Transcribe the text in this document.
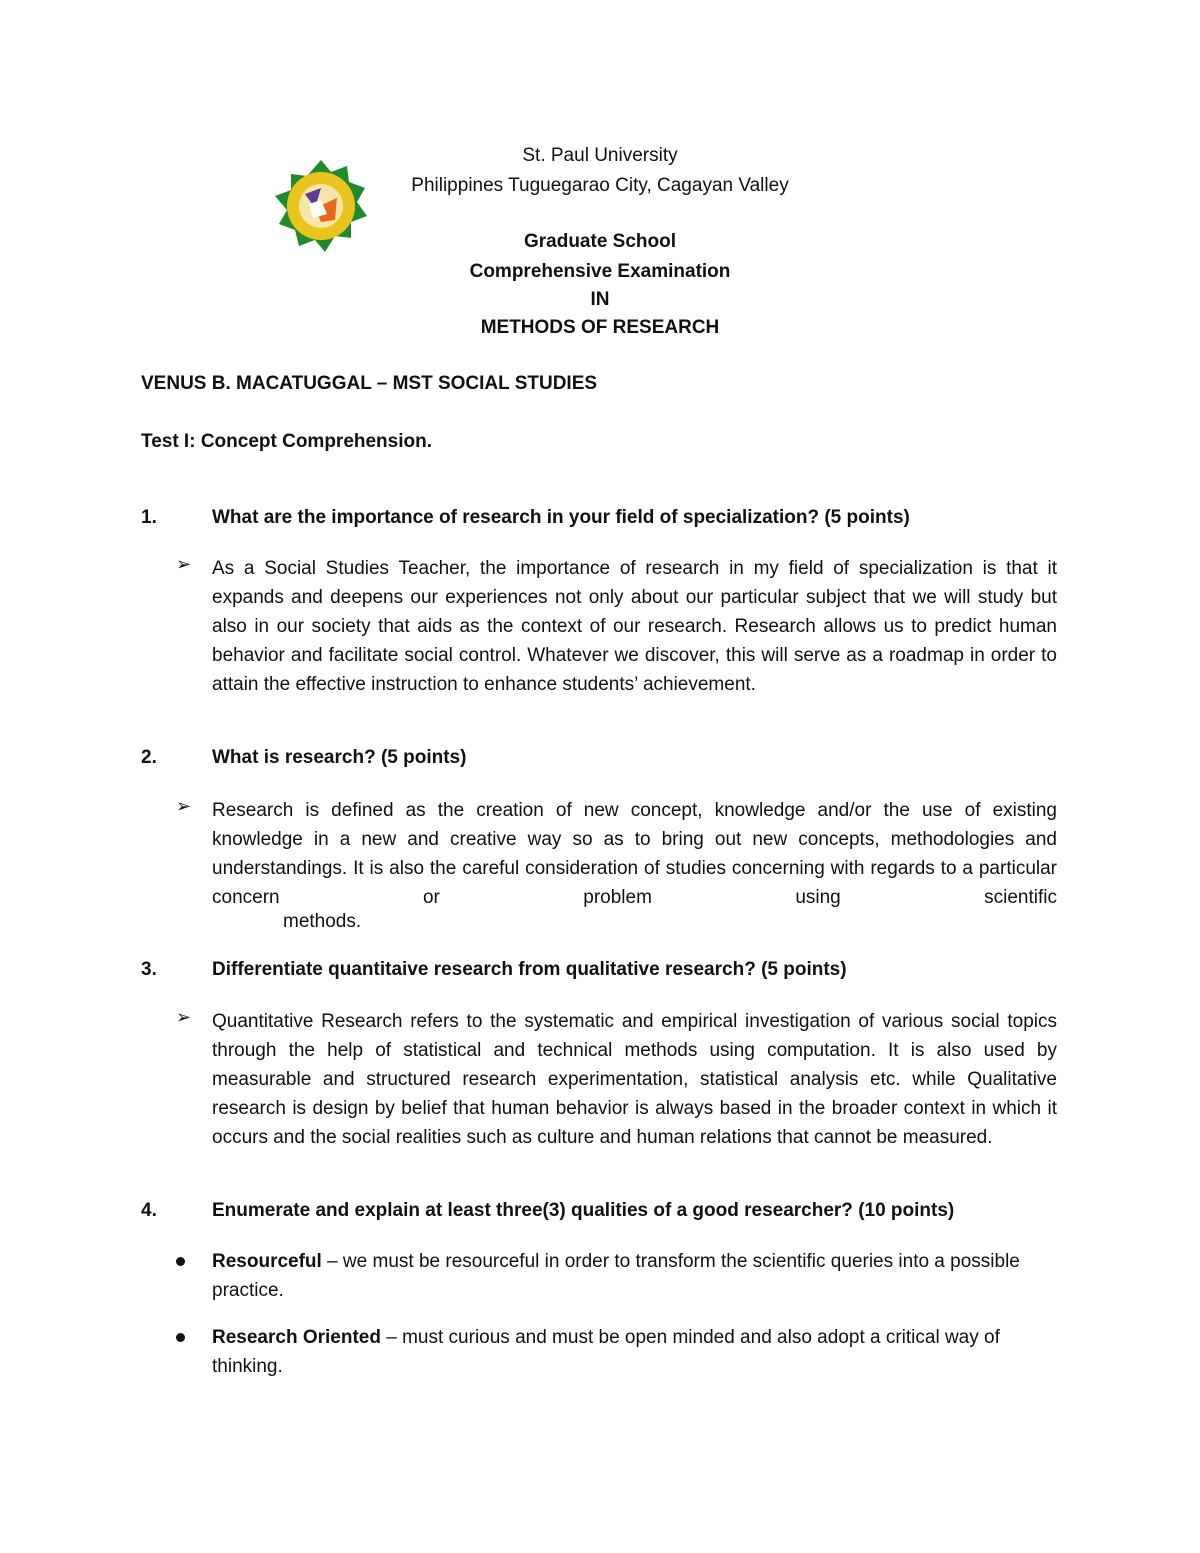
St. Paul University
Philippines Tuguegarao City, Cagayan Valley
Graduate School
Comprehensive Examination
IN
METHODS OF RESEARCH
VENUS B. MACATUGGAL – MST SOCIAL STUDIES
Test I: Concept Comprehension.
1.	What are the importance of research in your field of specialization? (5 points)
➢ As a Social Studies Teacher, the importance of research in my field of specialization is that it expands and deepens our experiences not only about our particular subject that we will study but also in our society that aids as the context of our research. Research allows us to predict human behavior and facilitate social control. Whatever we discover, this will serve as a roadmap in order to attain the effective instruction to enhance students’ achievement.
2.	What is research? (5 points)
➢ Research is defined as the creation of new concept, knowledge and/or the use of existing knowledge in a new and creative way so as to bring out new concepts, methodologies and understandings. It is also the careful consideration of studies concerning with regards to a particular concern or problem using scientific
methods.
3.	Differentiate quantitaive research from qualitative research? (5 points)
➢ Quantitative Research refers to the systematic and empirical investigation of various social topics through the help of statistical and technical methods using computation. It is also used by measurable and structured research experimentation, statistical analysis etc. while Qualitative research is design by belief that human behavior is always based in the broader context in which it occurs and the social realities such as culture and human relations that cannot be measured.
4.	Enumerate and explain at least three(3) qualities of a good researcher? (10 points)
Resourceful – we must be resourceful in order to transform the scientific queries into a possible practice.
Research Oriented – must curious and must be open minded and also adopt a critical way of thinking.
